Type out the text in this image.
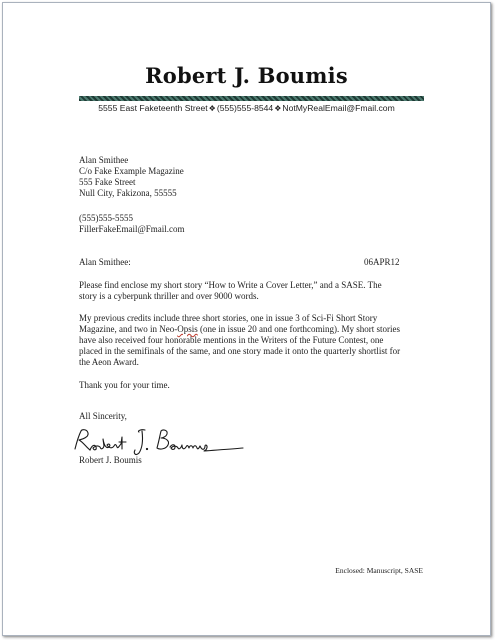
Robert J. Boumis
5555 East Faketeenth Street❖(555)555-8544❖NotMyRealEmail@Fmail.com
Alan Smithee
C/o Fake Example Magazine
555 Fake Street
Null City, Fakizona, 55555
(555)555-5555
FillerFakeEmail@Fmail.com
Alan Smithee:	06APR12
Please find enclose my short story “How to Write a Cover Letter,” and a SASE. The
story is a cyberpunk thriller and over 9000 words.
My previous credits include three short stories, one in issue 3 of Sci-Fi Short Story
Magazine, and two in Neo-Opsis (one in issue 20 and one forthcoming). My short stories
have also received four honorable mentions in the Writers of the Future Contest, one
placed in the semifinals of the same, and one story made it onto the quarterly shortlist for
the Aeon Award.
Thank you for your time.
All Sincerity,
Robert J. Boumis
Enclosed: Manuscript, SASE
